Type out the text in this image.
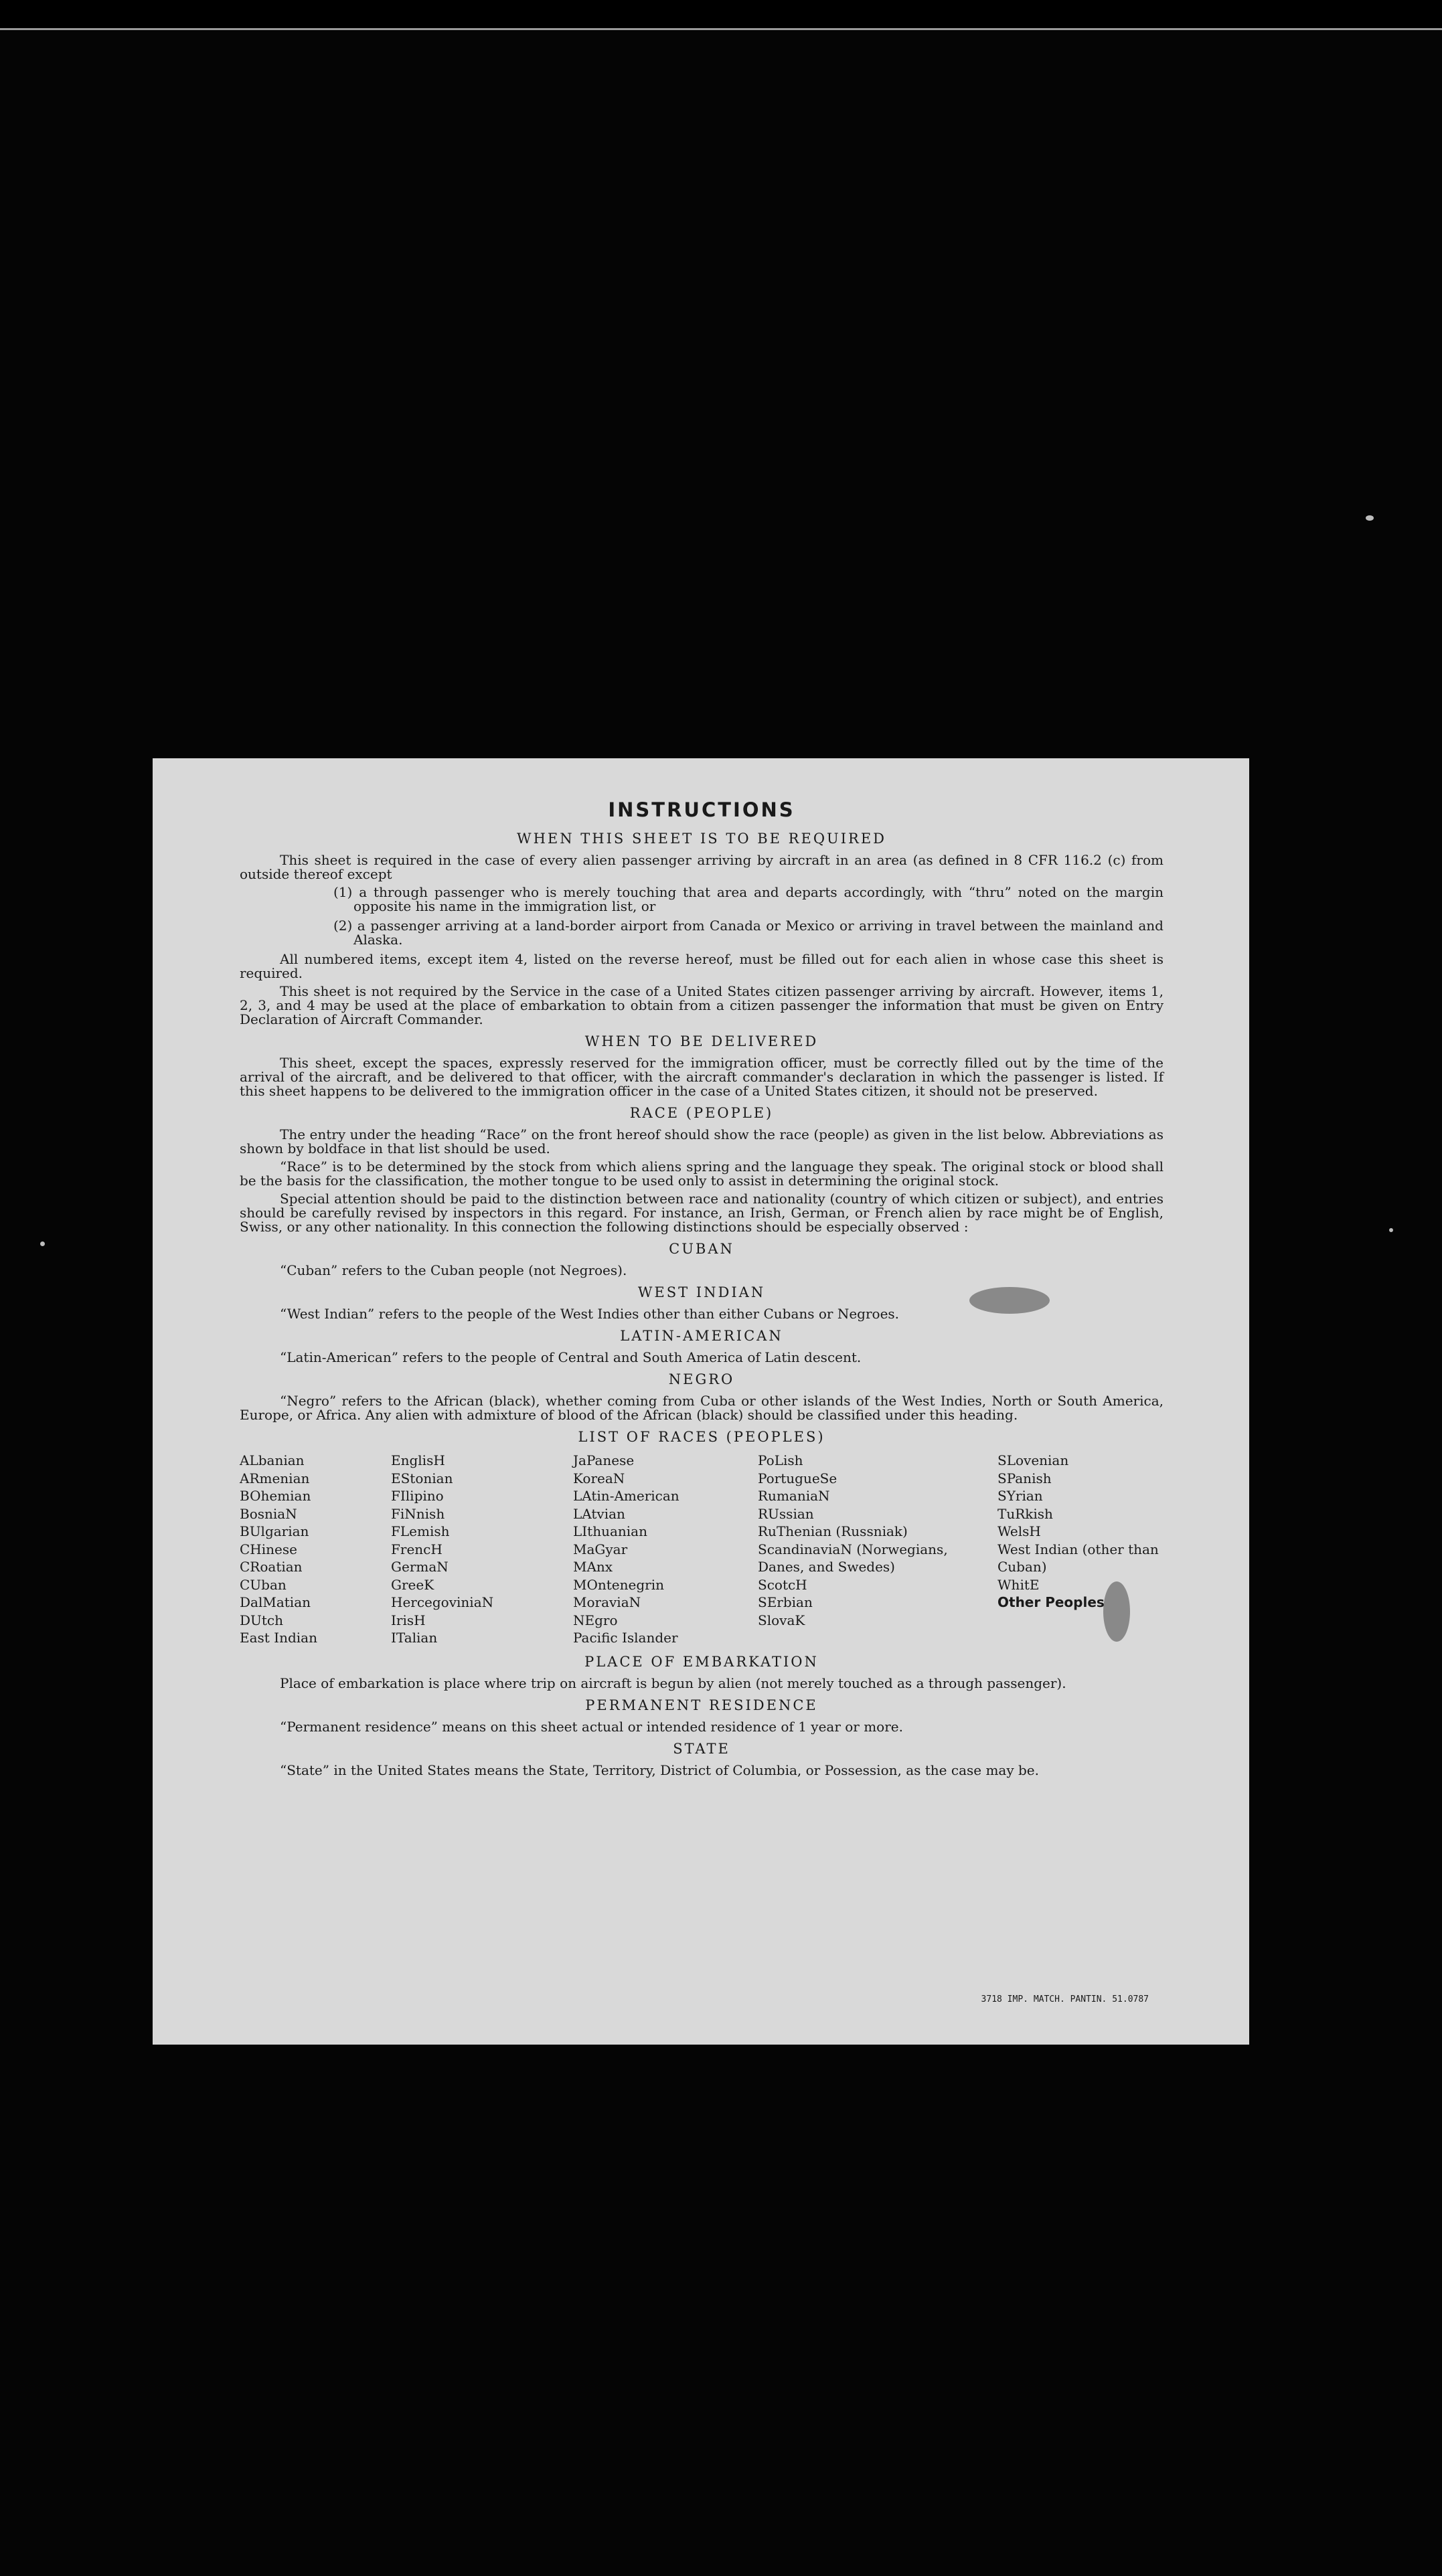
INSTRUCTIONS
WHEN THIS SHEET IS TO BE REQUIRED

This sheet is required in the case of every alien passenger arriving by aircraft in an area (as defined in 8 CFR 116.2 (c) from outside thereof except

(1) a through passenger who is merely touching that area and departs accordingly, with “thru” noted on the margin opposite his name in the immigration list, or
(2) a passenger arriving at a land-border airport from Canada or Mexico or arriving in travel between the mainland and Alaska.

All numbered items, except item 4, listed on the reverse hereof, must be filled out for each alien in whose case this sheet is required.

This sheet is not required by the Service in the case of a United States citizen passenger arriving by aircraft. However, items 1, 2, 3, and 4 may be used at the place of embarkation to obtain from a citizen passenger the information that must be given on Entry Declaration of Aircraft Commander.

WHEN TO BE DELIVERED

This sheet, except the spaces, expressly reserved for the immigration officer, must be correctly filled out by the time of the arrival of the aircraft, and be delivered to that officer, with the aircraft commander's declaration in which the passenger is listed. If this sheet happens to be delivered to the immigration officer in the case of a United States citizen, it should not be preserved.

RACE (PEOPLE)

The entry under the heading “Race” on the front hereof should show the race (people) as given in the list below. Abbreviations as shown by boldface in that list should be used.

“Race” is to be determined by the stock from which aliens spring and the language they speak. The original stock or blood shall be the basis for the classification, the mother tongue to be used only to assist in determining the original stock.

Special attention should be paid to the distinction between race and nationality (country of which citizen or subject), and entries should be carefully revised by inspectors in this regard. For instance, an Irish, German, or French alien by race might be of English, Swiss, or any other nationality. In this connection the following distinctions should be especially observed :

CUBAN

“Cuban” refers to the Cuban people (not Negroes).

WEST INDIAN

“West Indian” refers to the people of the West Indies other than either Cubans or Negroes.

LATIN-AMERICAN

“Latin-American” refers to the people of Central and South America of Latin descent.

NEGRO

“Negro” refers to the African (black), whether coming from Cuba or other islands of the West Indies, North or South America, Europe, or Africa. Any alien with admixture of blood of the African (black) should be classified under this heading.

LIST OF RACES (PEOPLES)
ALbanian
ARmenian
BOhemian
BosniaN
BUlgarian
CHinese
CRoatian
CUban
DalMatian
DUtch
East Indian
EnglisH
EStonian
FIlipino
FiNnish
FLemish
FrencH
GermaN
GreeK
HercegoviniaN
IrisH
ITalian
JaPanese
KoreaN
LAtin-American
LAtvian
LIthuanian
MaGyar
MAnx
MOntenegrin
MoraviaN
NEgro
Pacific Islander
PoLish
PortugueSe
RumaniaN
RUssian
RuThenian (Russniak)
ScandinaviaN (Norwegians, Danes, and Swedes)
ScotcH
SErbian
SlovaK
SLovenian
SPanish
SYrian
TuRkish
WelsH
West Indian (other than Cuban)
WhitE
Other Peoples
PLACE OF EMBARKATION

Place of embarkation is place where trip on aircraft is begun by alien (not merely touched as a through passenger).

PERMANENT RESIDENCE

“Permanent residence” means on this sheet actual or intended residence of 1 year or more.

STATE

“State” in the United States means the State, Territory, District of Columbia, or Possession, as the case may be.

3718 IMP. MATCH. PANTIN. 51.0787
